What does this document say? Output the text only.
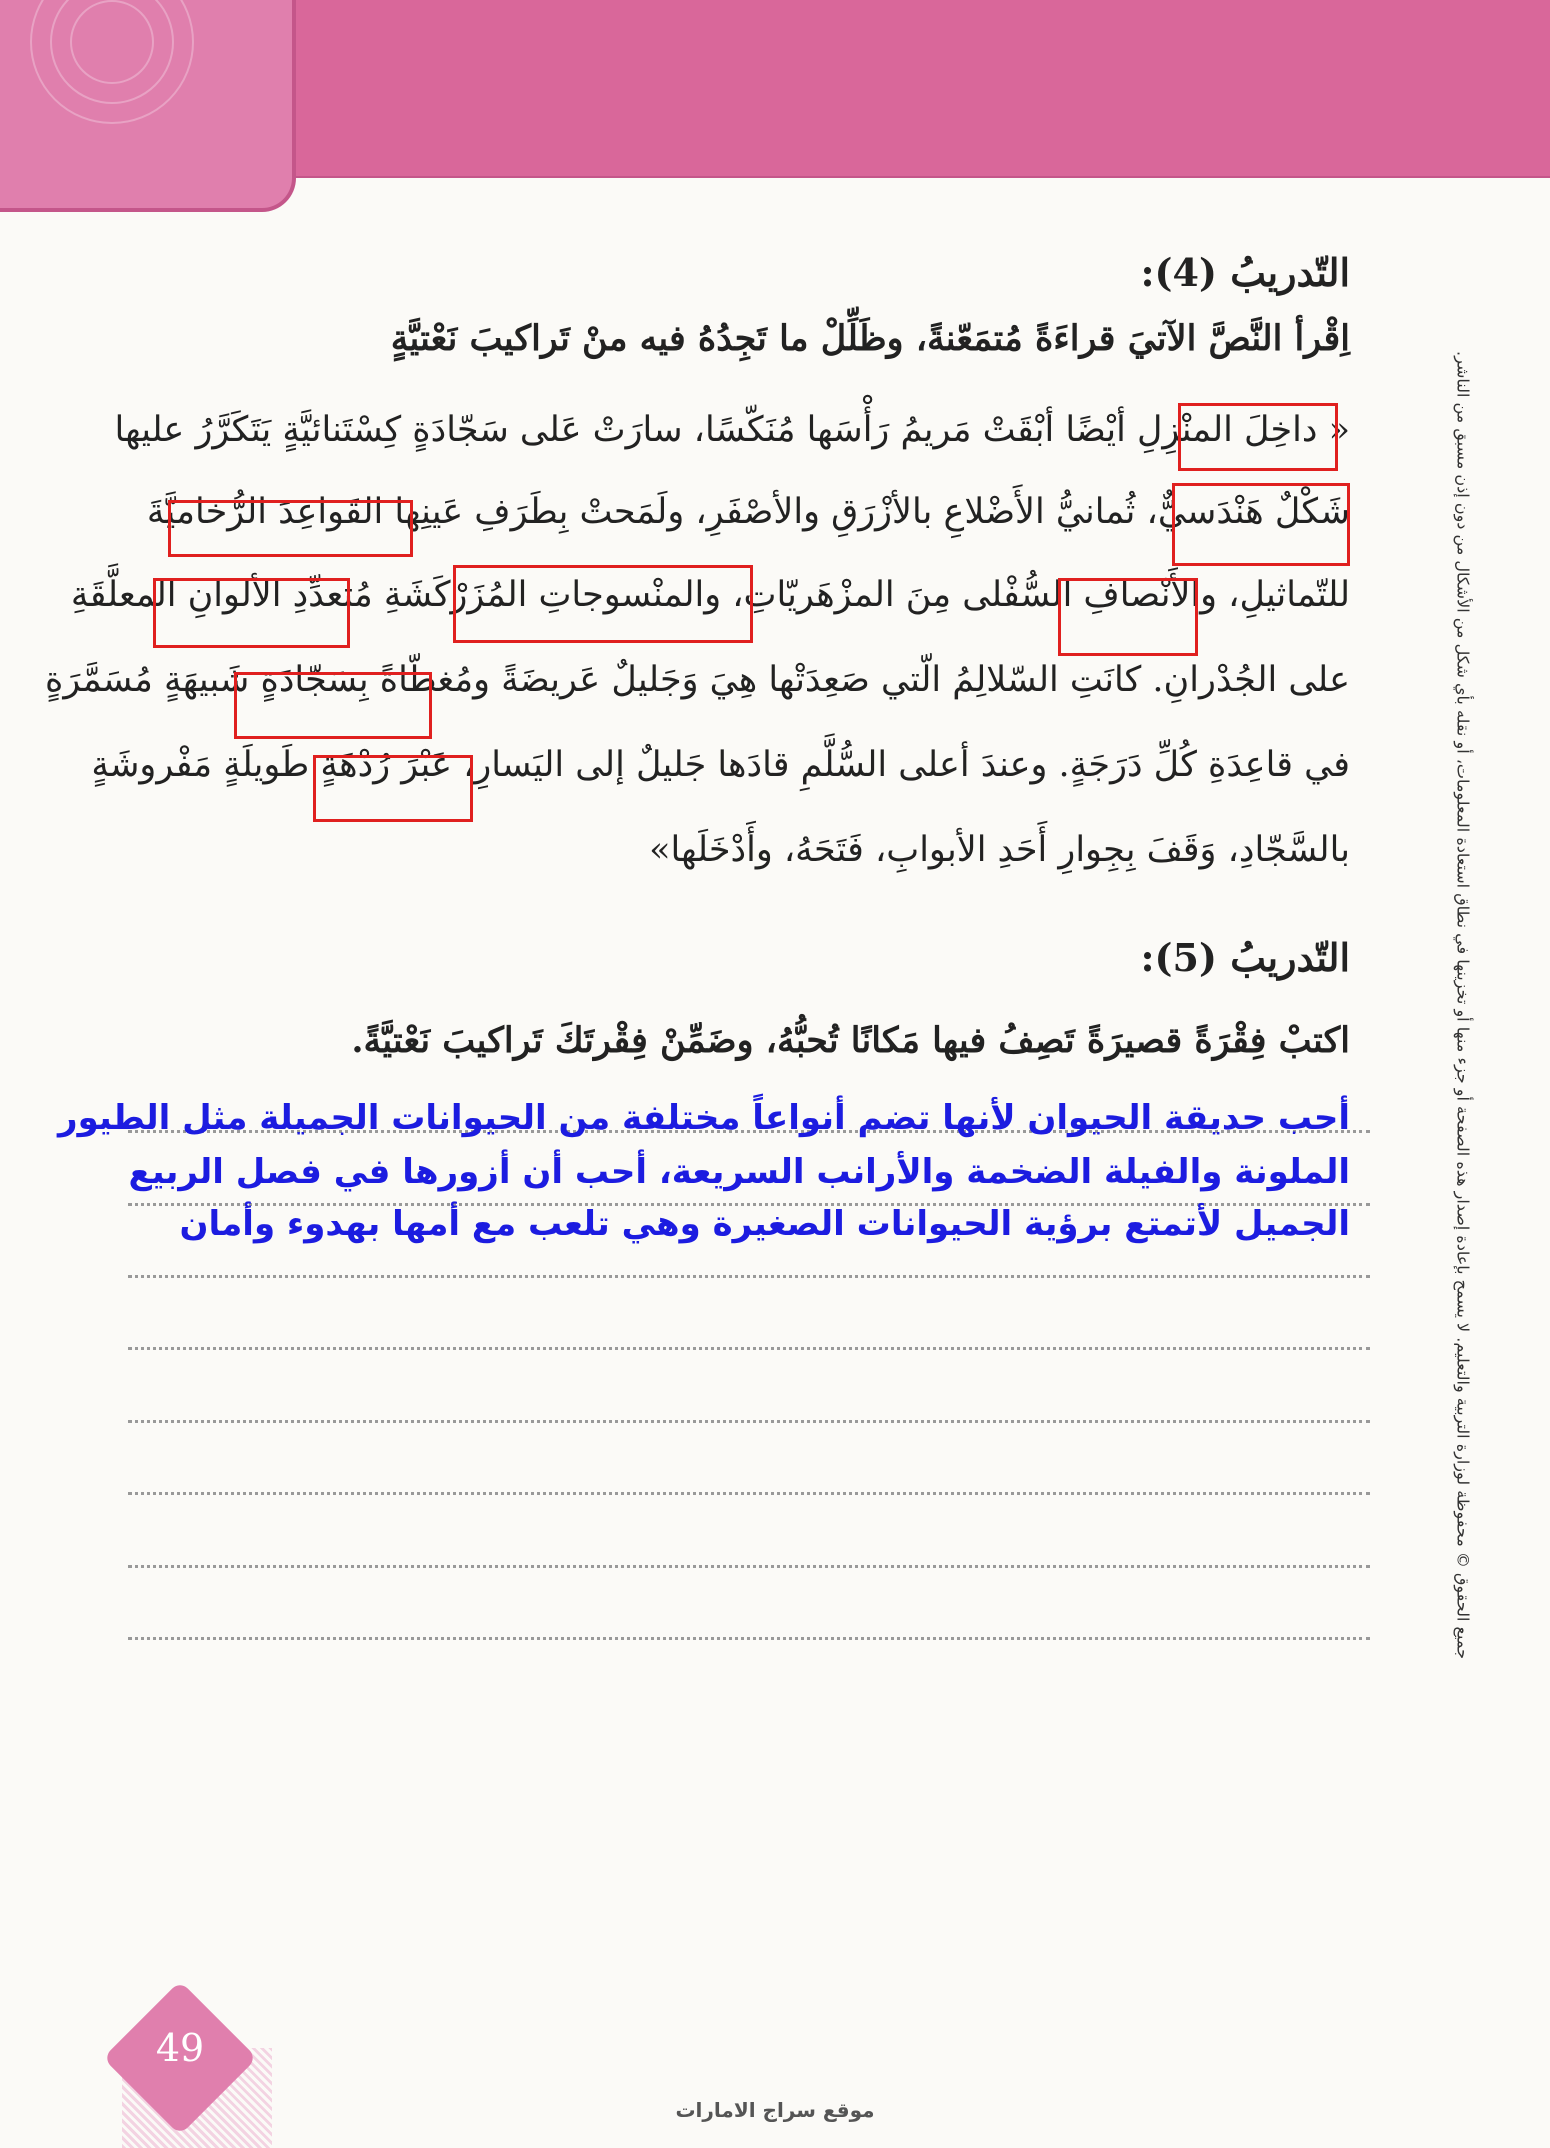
التّدريبُ (4):
اِقْرأ النَّصَّ الآتيَ قراءَةً مُتمَعّنةً، وظَلِّلْ ما تَجِدُهُ فيه منْ تَراكيبَ نَعْتيَّةٍ
« داخِلَ المنْزِلِ أيْضًا أبْقَتْ مَريمُ رَأْسَها مُنَكّسًا، سارَتْ عَلى سَجّادَةٍ كِسْتَنائيَّةٍ يَتَكَرَّرُ عليها
شَكْلٌ هَنْدَسيٌّ، ثُمانيُّ الأَضْلاعِ بالأزْرَقِ والأصْفَرِ، ولَمَحتْ بِطَرَفِ عَينِها القَواعِدَ الرُّخاميَّةَ
للتّماثيلِ، والأَنْصافِ السُّفْلى مِنَ المزْهَريّاتِ، والمنْسوجاتِ المُزَرْكَشَةِ مُتعدِّدِ الألوانِ المعلَّقَةِ
على الجُدْرانِ. كانَتِ السّلالِمُ الّتي صَعِدَتْها هِيَ وَجَليلٌ عَريضَةً ومُغطّاةً بِسَجّادَةٍ شَبيهَةٍ مُسَمَّرَةٍ
في قاعِدَةِ كُلِّ دَرَجَةٍ. وعندَ أعلى السُّلَّمِ قادَها جَليلٌ إلى اليَسارِ، عَبْرَ رُدْهَةٍ طَويلَةٍ مَفْروشَةٍ
بالسَّجّادِ، وَقَفَ بِجِوارِ أَحَدِ الأبوابِ، فَتَحَهُ، وأَدْخَلَها»
التّدريبُ (5):
اكتبْ فِقْرَةً قصيرَةً تَصِفُ فيها مَكانًا تُحبُّهُ، وضَمِّنْ فِقْرتَكَ تَراكيبَ نَعْتيَّةً.
أحب حديقة الحيوان لأنها تضم أنواعاً مختلفة من الحيوانات الجميلة مثل الطيور
الملونة والفيلة الضخمة والأرانب السريعة، أحب أن أزورها في فصل الربيع
الجميل لأتمتع برؤية الحيوانات الصغيرة وهي تلعب مع أمها بهدوء وأمان	جميع الحقوق © محفوظة لوزارة التربية والتعليم. لا يسمح بإعادة إصدار هذه الصفحة أو جزء منها أو تخزينها في نطاق استعادة المعلومات، أو نقله بأي شكل من الأشكال من دون إذن مسبق من الناشر.
49
موقع سراج الامارات
